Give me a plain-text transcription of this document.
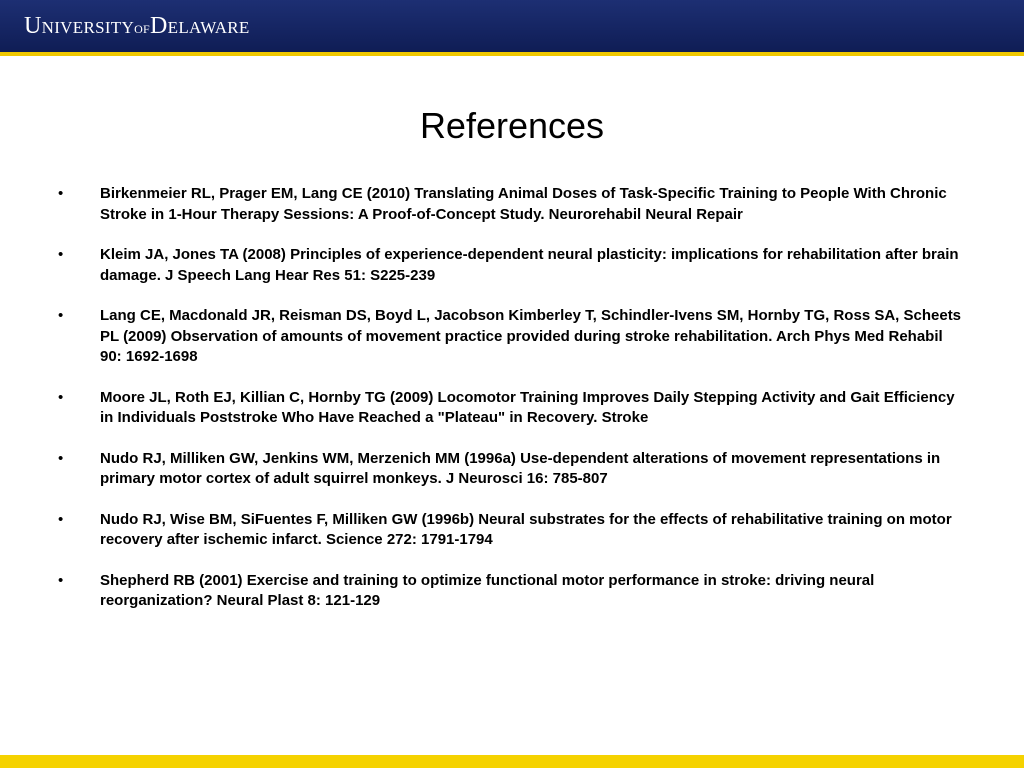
UNIVERSITYOFDELAWARE
References
•	Birkenmeier RL, Prager EM, Lang CE (2010) Translating Animal Doses of Task-Specific Training to People With Chronic Stroke in 1-Hour Therapy Sessions: A Proof-of-Concept Study. Neurorehabil Neural Repair
•	Kleim JA, Jones TA (2008) Principles of experience-dependent neural plasticity: implications for rehabilitation after brain damage. J Speech Lang Hear Res 51: S225-239
•	Lang CE, Macdonald JR, Reisman DS, Boyd L, Jacobson Kimberley T, Schindler-Ivens SM, Hornby TG, Ross SA, Scheets PL (2009) Observation of amounts of movement practice provided during stroke rehabilitation. Arch Phys Med Rehabil 90: 1692-1698
•	Moore JL, Roth EJ, Killian C, Hornby TG (2009) Locomotor Training Improves Daily Stepping Activity and Gait Efficiency in Individuals Poststroke Who Have Reached a "Plateau" in Recovery. Stroke
•	Nudo RJ, Milliken GW, Jenkins WM, Merzenich MM (1996a) Use-dependent alterations of movement representations in primary motor cortex of adult squirrel monkeys. J Neurosci 16: 785-807
•	Nudo RJ, Wise BM, SiFuentes F, Milliken GW (1996b) Neural substrates for the effects of rehabilitative training on motor recovery after ischemic infarct. Science 272: 1791-1794
•	Shepherd RB (2001) Exercise and training to optimize functional motor performance in stroke: driving neural reorganization? Neural Plast 8: 121-129
